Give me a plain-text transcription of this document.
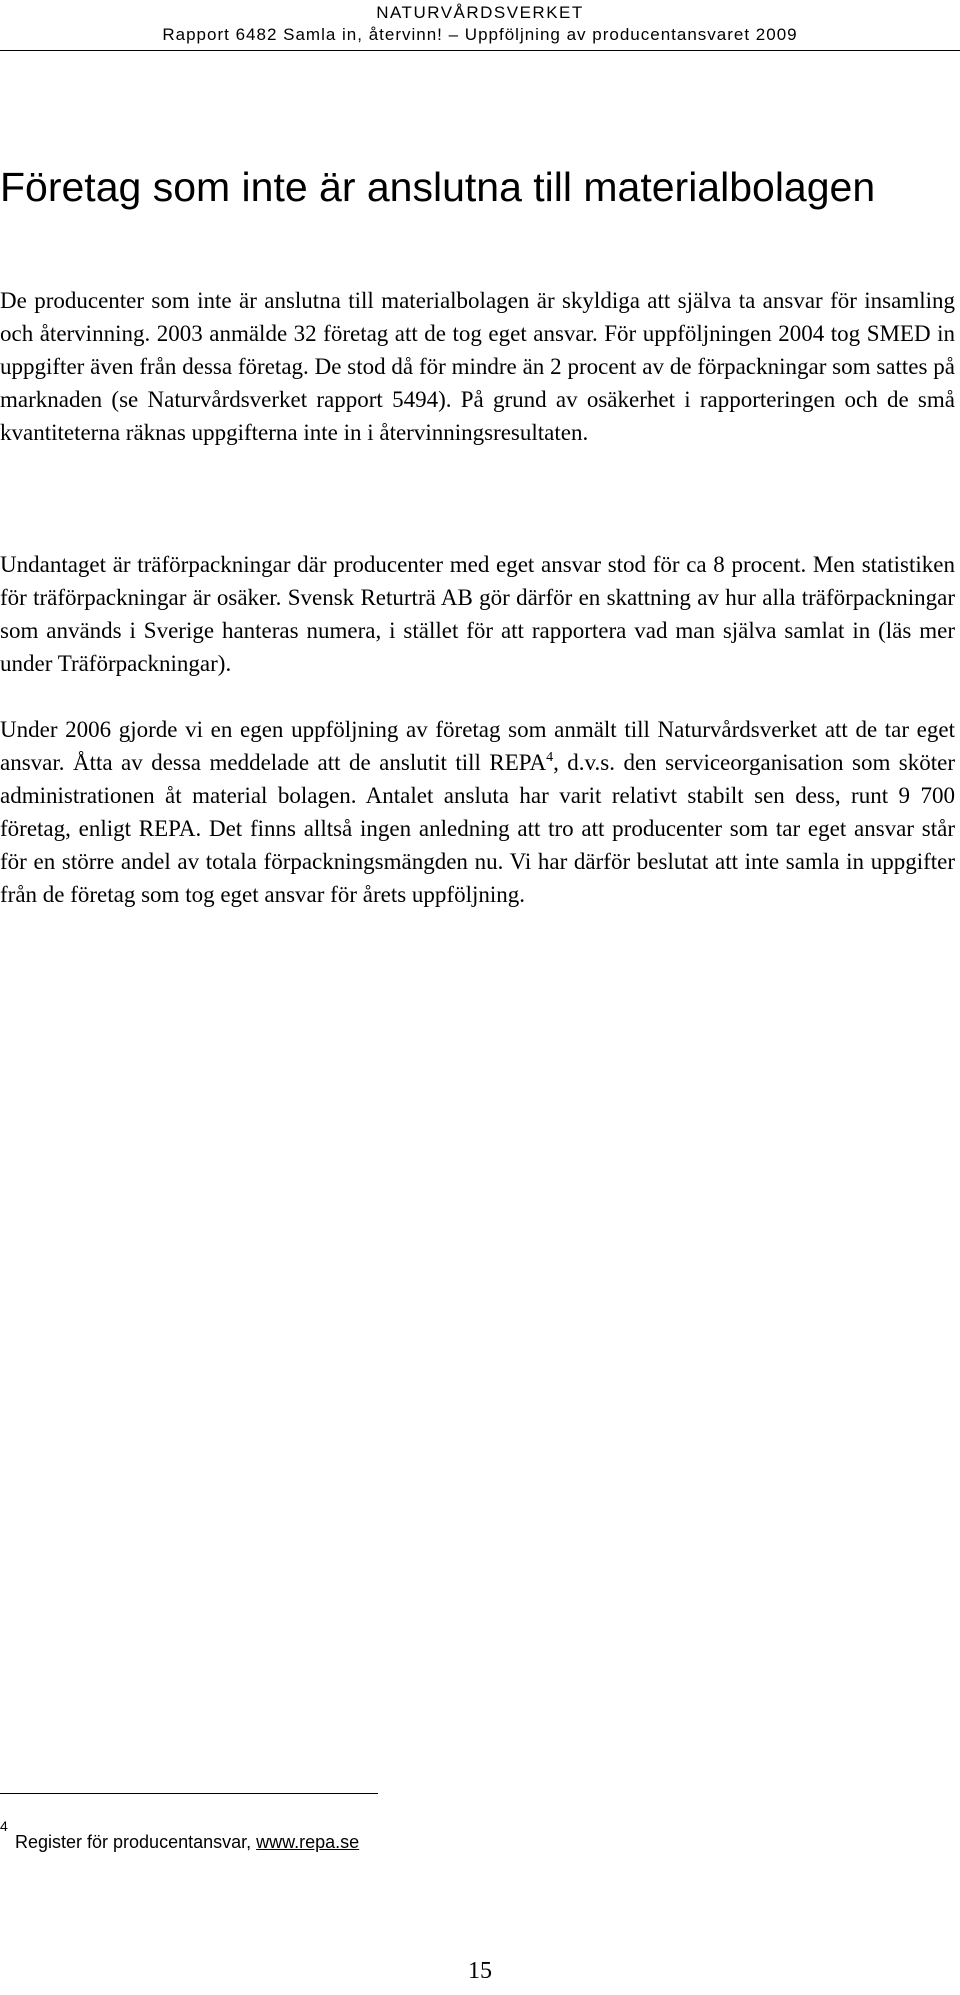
NATURVÅRDSVERKET
Rapport 6482 Samla in, återvinn! – Uppföljning av producentansvaret 2009
Företag som inte är anslutna till materialbolagen

De producenter som inte är anslutna till materialbolagen är skyldiga att själva ta ansvar för insamling och återvinning. 2003 anmälde 32 företag att de tog eget ansvar. För uppföljningen 2004 tog SMED in uppgifter även från dessa företag. De stod då för mindre än 2 procent av de förpackningar som sattes på marknaden (se Naturvårdsverket rapport 5494). På grund av osäkerhet i rapporteringen och de små kvantiteterna räknas uppgifterna inte in i återvinningsresultaten.

Undantaget är träförpackningar där producenter med eget ansvar stod för ca 8 procent. Men statistiken för träförpackningar är osäker. Svensk Returträ AB gör därför en skattning av hur alla träförpackningar som används i Sverige hanteras numera, i stället för att rapportera vad man själva samlat in (läs mer under Träförpackningar).

Under 2006 gjorde vi en egen uppföljning av företag som anmält till Naturvårdsverket att de tar eget ansvar. Åtta av dessa meddelade att de anslutit till REPA$^4$, d.v.s. den serviceorganisation som sköter administrationen åt material bolagen. Antalet ansluta har varit relativt stabilt sen dess, runt 9 700 företag, enligt REPA. Det finns alltså ingen anledning att tro att producenter som tar eget ansvar står för en större andel av totala förpackningsmängden nu. Vi har därför beslutat att inte samla in uppgifter från de företag som tog eget ansvar för årets uppföljning.

4
Register för producentansvar, www.repa.se
15
